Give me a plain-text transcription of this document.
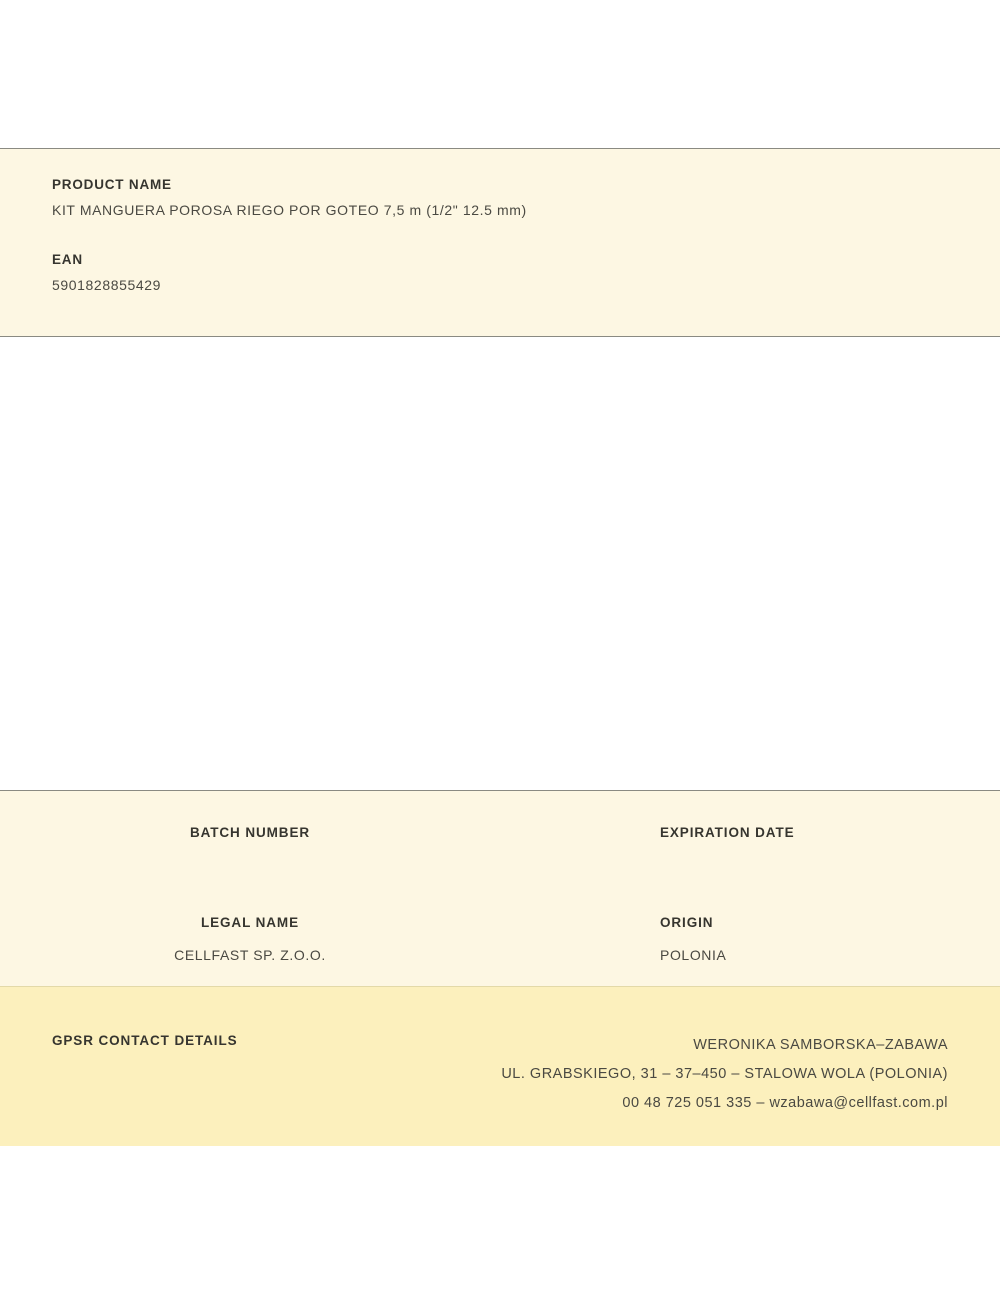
PRODUCT NAME

KIT MANGUERA POROSA RIEGO POR GOTEO 7,5 m (1/2" 12.5 mm)

EAN

5901828855429

BATCH NUMBER	EXPIRATION DATE

LEGAL NAME

CELLFAST SP. Z.O.O.

ORIGIN

POLONIA

GPSR CONTACT DETAILS	WERONIKA SAMBORSKA–ZABAWA
UL. GRABSKIEGO, 31 – 37–450 – STALOWA WOLA (POLONIA)
00 48 725 051 335 – wzabawa@cellfast.com.pl
